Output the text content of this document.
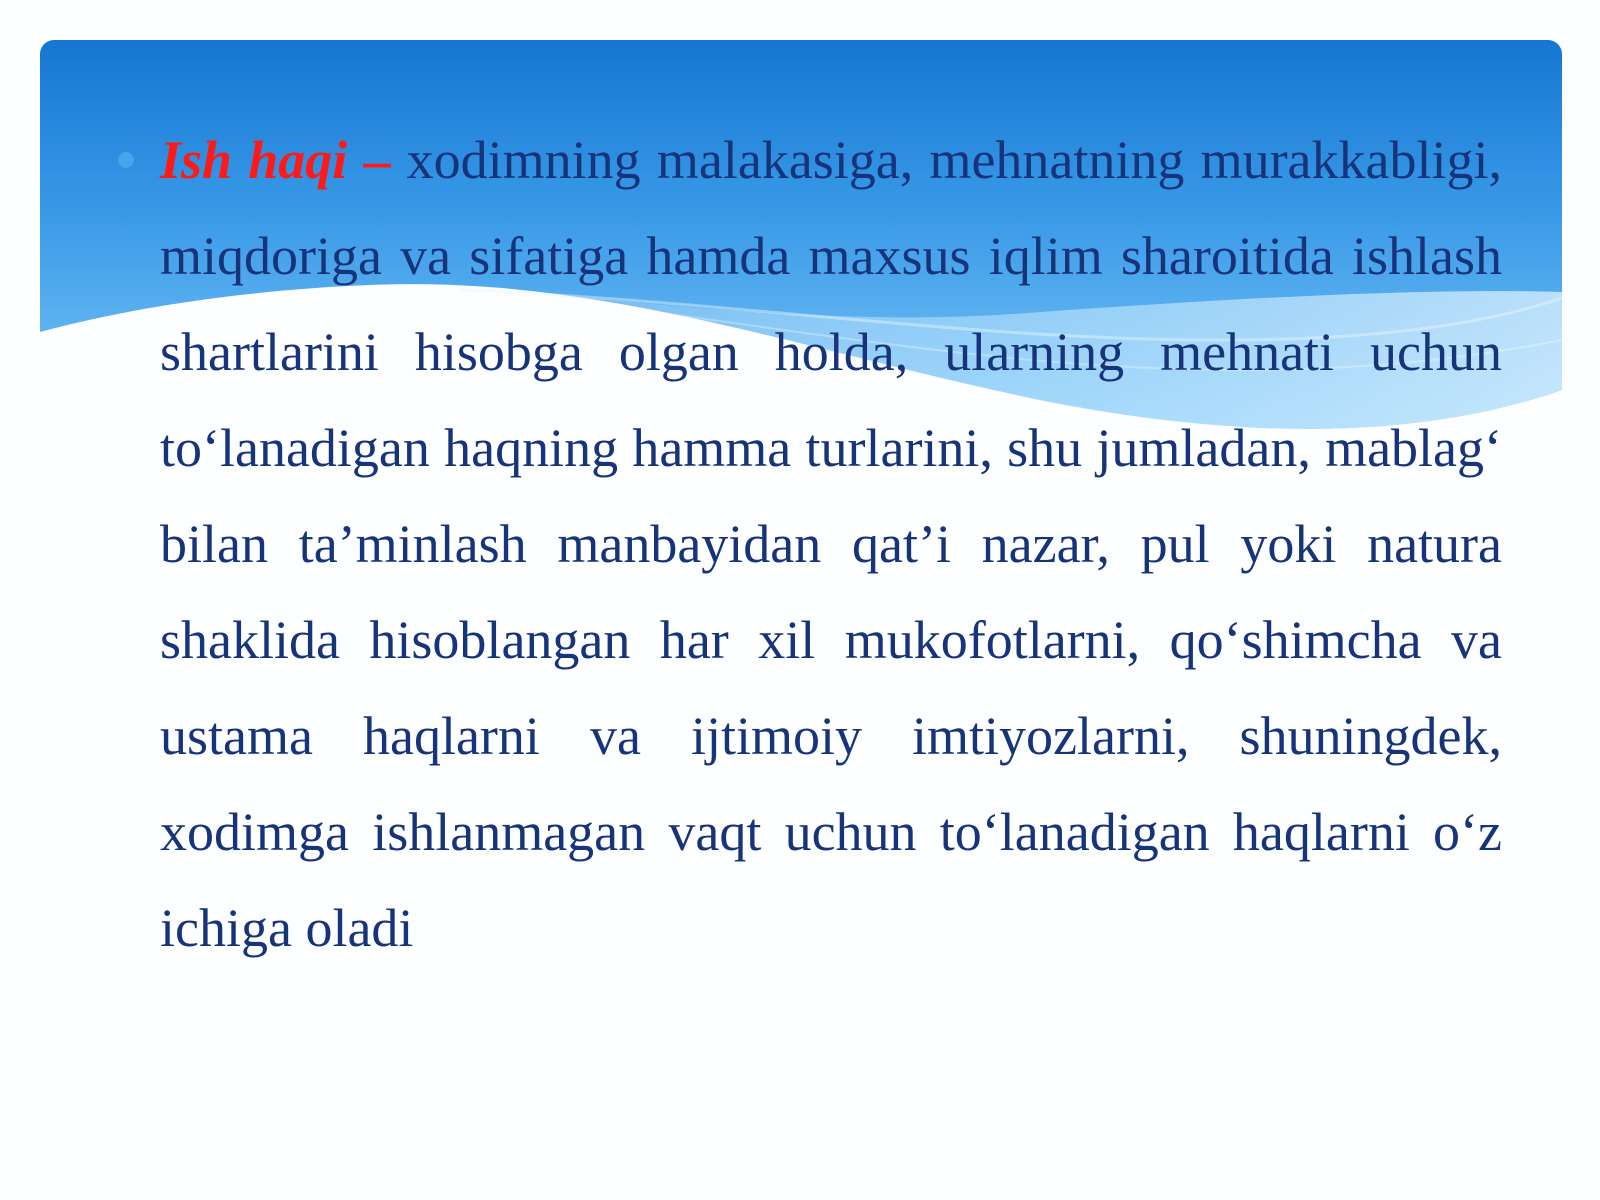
Ish haqi – xodimning malakasiga, mehnatning murakkabligi, miqdoriga va sifatiga hamda maxsus iqlim sharoitida ishlash shartlarini hisobga olgan holda, ularning mehnati uchun to‘lanadigan haqning hamma turlarini, shu jumladan, mablag‘ bilan ta’minlash manbayidan qat’i nazar, pul yoki natura shaklida hisoblangan har xil mukofotlarni, qo‘shimcha va ustama haqlarni va ijtimoiy imtiyozlarni, shuningdek, xodimga ishlanmagan vaqt uchun to‘lanadigan haqlarni o‘z ichiga oladi
